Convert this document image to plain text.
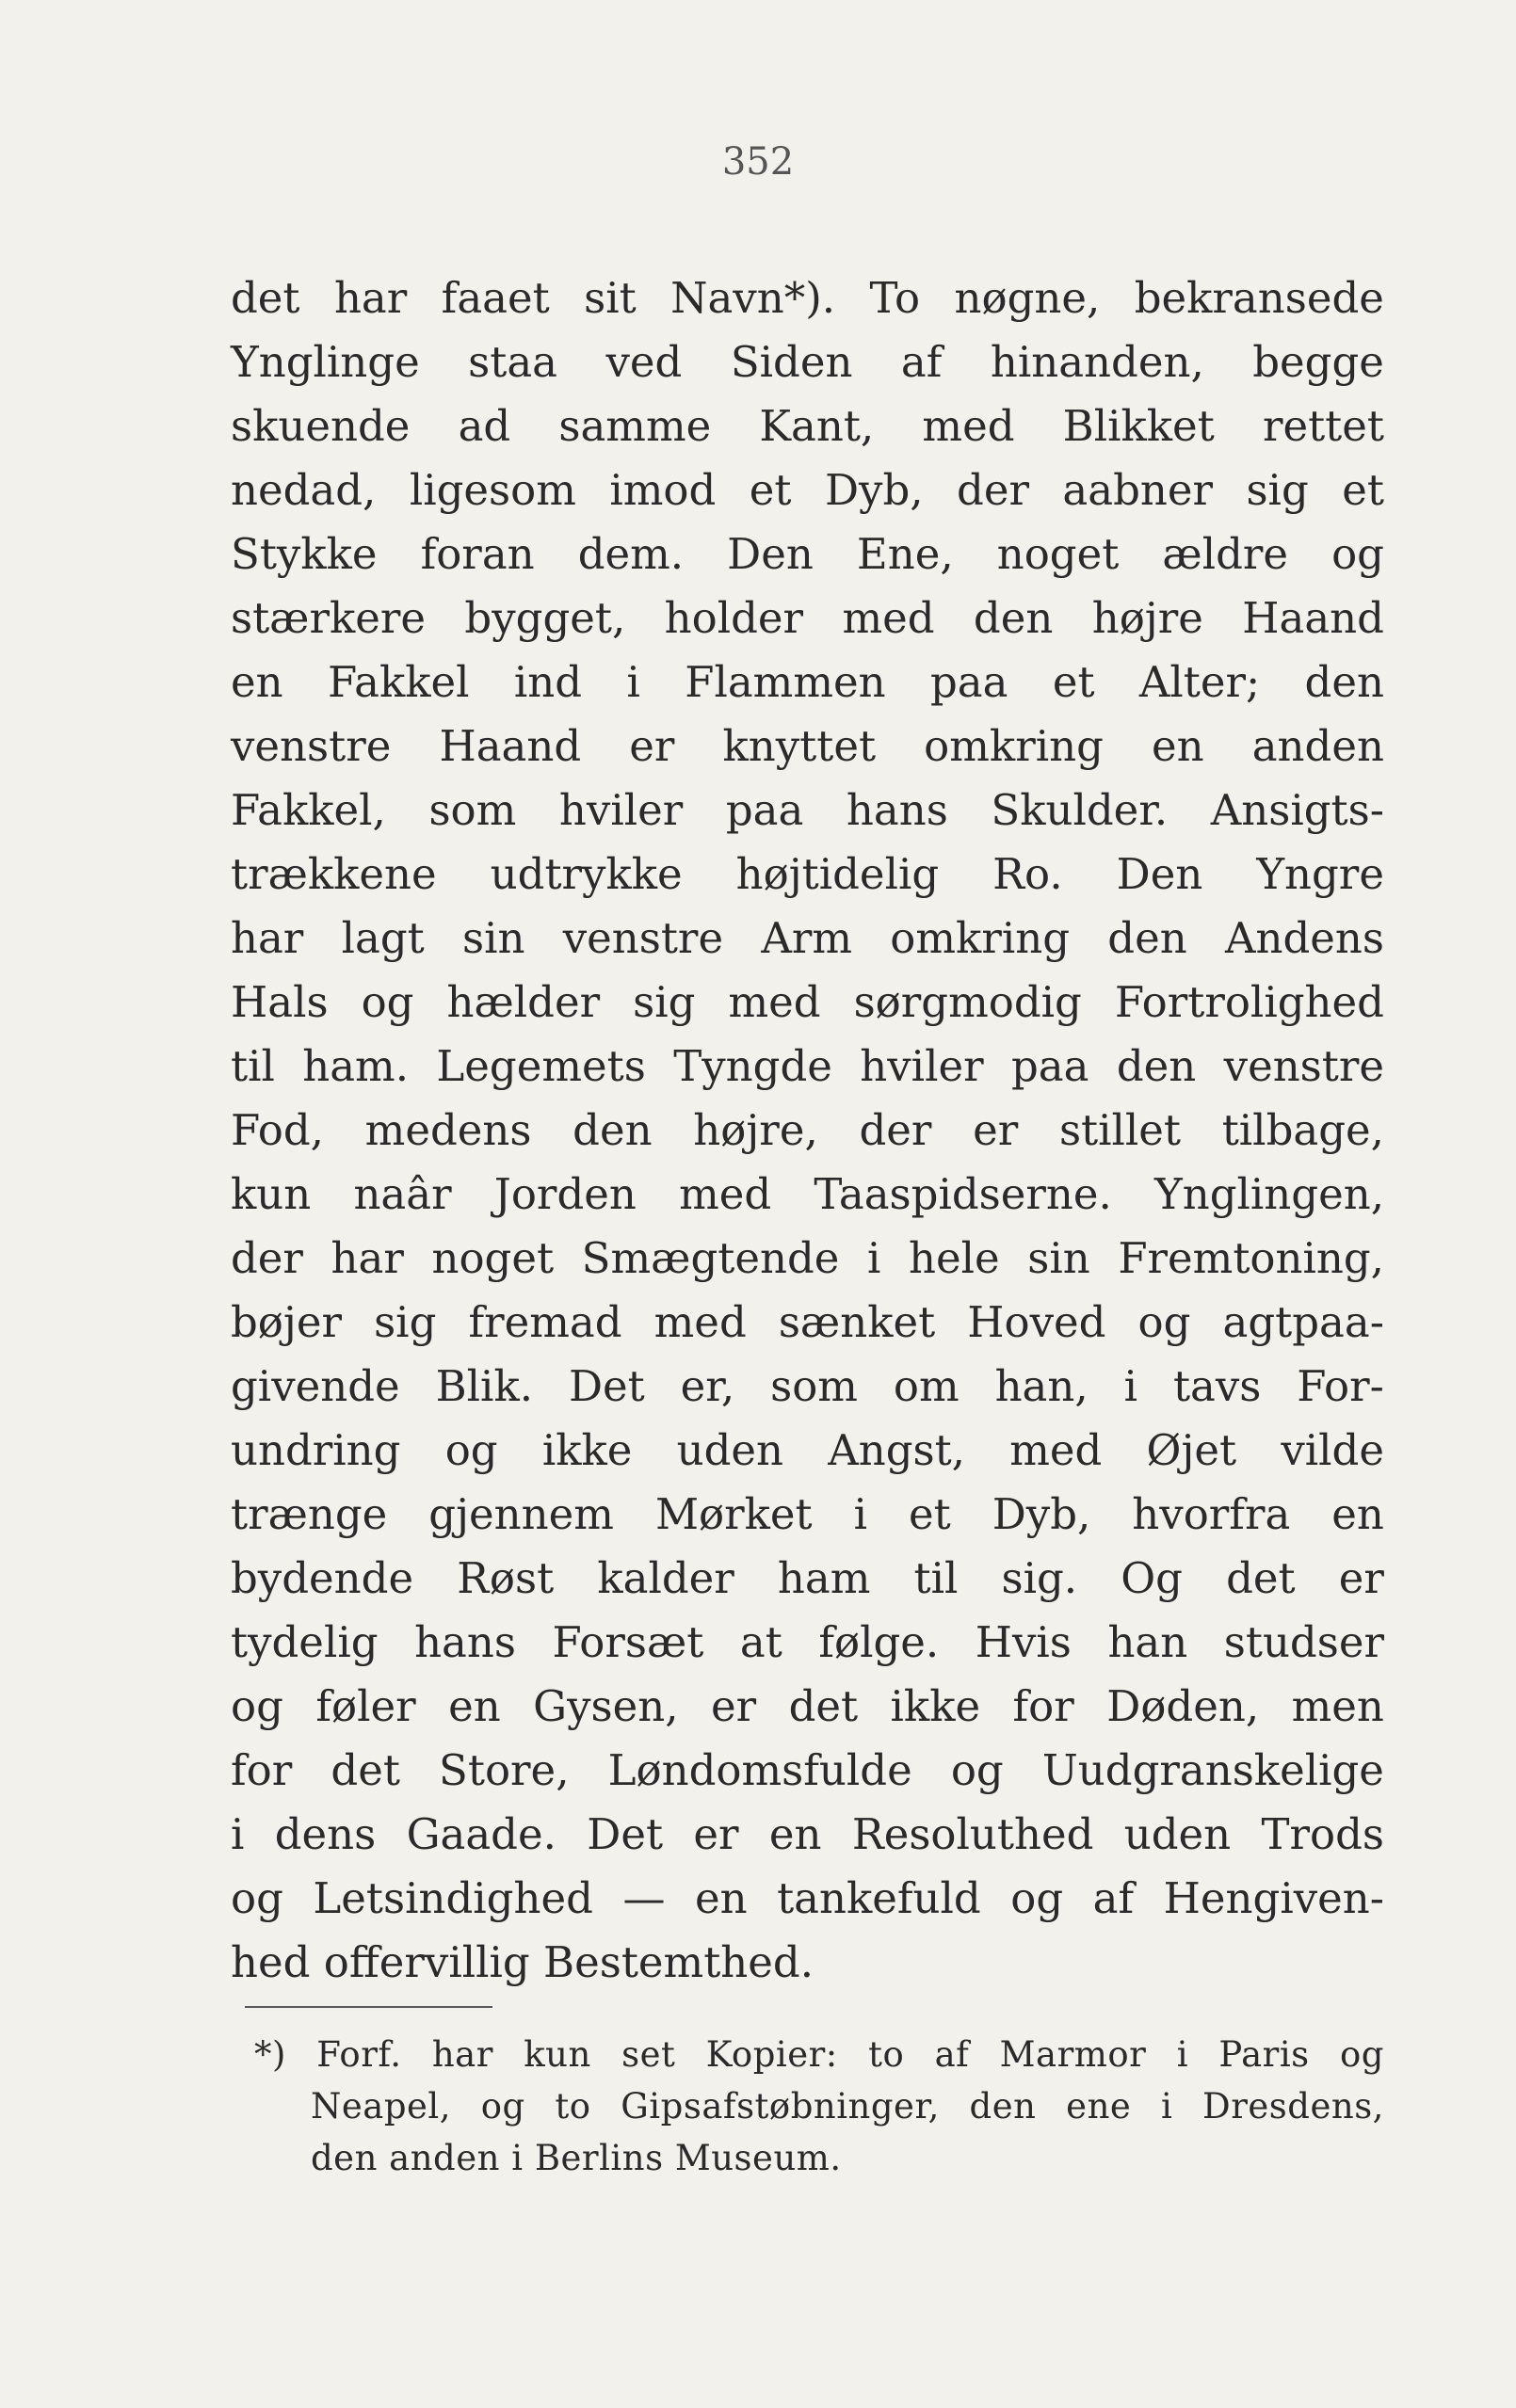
352
det har faaet sit Navn*). To nøgne, bekransede
Ynglinge staa ved Siden af hinanden, begge
skuende ad samme Kant, med Blikket rettet
nedad, ligesom imod et Dyb, der aabner sig et
Stykke foran dem. Den Ene, noget ældre og
stærkere bygget, holder med den højre Haand
en Fakkel ind i Flammen paa et Alter; den
venstre Haand er knyttet omkring en anden
Fakkel, som hviler paa hans Skulder. Ansigts-
trækkene udtrykke højtidelig Ro. Den Yngre
har lagt sin venstre Arm omkring den Andens
Hals og hælder sig med sørgmodig Fortrolighed
til ham. Legemets Tyngde hviler paa den venstre
Fod, medens den højre, der er stillet tilbage,
kun naâr Jorden med Taaspidserne. Ynglingen,
der har noget Smægtende i hele sin Fremtoning,
bøjer sig fremad med sænket Hoved og agtpaa-
givende Blik. Det er, som om han, i tavs For-
undring og ikke uden Angst, med Øjet vilde
trænge gjennem Mørket i et Dyb, hvorfra en
bydende Røst kalder ham til sig. Og det er
tydelig hans Forsæt at følge. Hvis han studser
og føler en Gysen, er det ikke for Døden, men
for det Store, Løndomsfulde og Uudgranskelige
i dens Gaade. Det er en Resoluthed uden Trods
og Letsindighed — en tankefuld og af Hengiven-
hed offervillig Bestemthed.
*) Forf. har kun set Kopier: to af Marmor i Paris og
Neapel, og to Gipsafstøbninger, den ene i Dresdens,
den anden i Berlins Museum.
